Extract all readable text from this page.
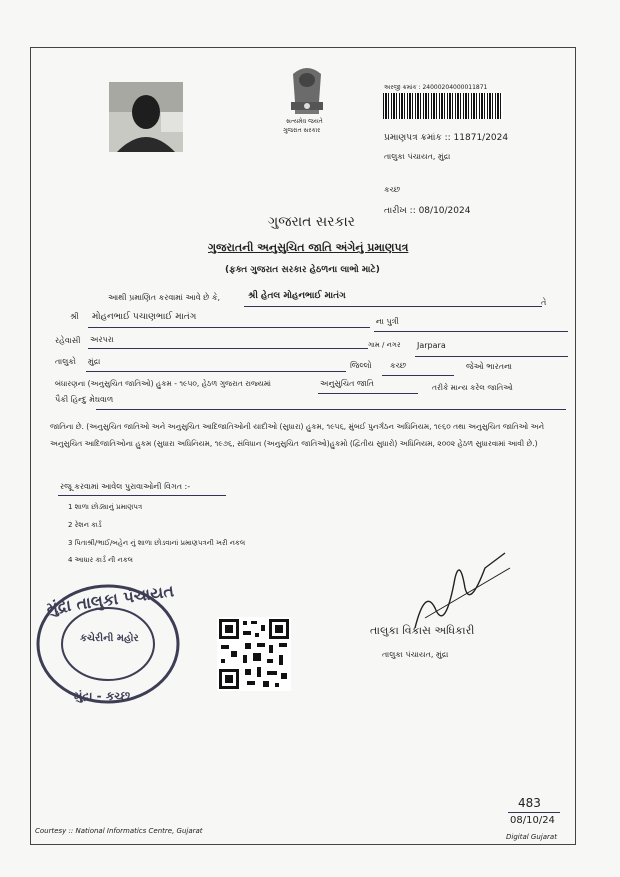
સત્યમેવ જયતે
ગુજરાત સરકાર
અરજી ક્રમાંક : 24000204000011871
પ્રમાણપત્ર ક્રમાંક :: 11871/2024
તાલુકા પંચાયત, મુંદ્રા
કચ્છ
તારીખ :: 08/10/2024
ગુજરાત સરકાર
ગુજરાતની અનુસુચિત જાતિ અંગેનું પ્રમાણપત્ર
(ફક્ત ગુજરાત સરકાર હેઠળના લાભો માટે)
આથી પ્રમાણિત કરવામાં આવે છે કે,	શ્રી હેતલ મોહનભાઈ માતંગ
તે
શ્રી મોહનભાઈ પચાણભાઈ માતંગ	ના પુત્રી
રહેવાસી અરપરા
ગામ / નગર Jarpara
તાલુકો મુંદ્રા	જિલ્લો કચ્છ	જેઓ ભારતના
બંધારણના (અનુસુચિત જાતિઓ) હુકમ - ૧૯૫૦, હેઠળ ગુજરાત રાજ્યમાં	અનુસુચિત જાતિ	તરીકે માન્ય કરેલ જાતિઓ
પૈકી હિન્દુ મેઘવાળ
જાતિના છે. (અનુસુચિત જાતિઓ અને અનુસુચિત આદિજાતિઓની યાદીઓ (સુધારા) હુકમ, ૧૯૫૬, મુંબઈ પુનર્ગઠન અધિનિયમ, ૧૯૬૦ તથા અનુસુચિત જાતિઓ અને અનુસુચિત આદિજાતિઓના હુકમ (સુધારા અધિનિયમ, ૧૯૭૬, સંવિધાન (અનુસુચિત જાતિઓ)હુકમો (દ્વિતીય સુધારો) અધિનિયમ, ૨૦૦૨ હેઠળ સુધારવામાં આવી છે.)
રજૂ કરવામાં આવેલ પુરાવાઓની વિગત :-
1 શાળા છોડ્યાનું પ્રમાણપત્ર
2 રેશન કાર્ડ
3 પિતાશ્રી/ભાઈ/બહેન નું શાળા છોડવાનાં પ્રમાણપત્રની ખરી નકલ
4 આધાર કાર્ડ ની નકલ
મુંદ્રા તાલુકા પંચાયત
કચેરીની મહોર
મુંદ્રા - કચ્છ
તાલુકા વિકાસ અધિકારી
તાલુકા પંચાયત, મુંદ્રા
483
08/10/24
Courtesy :: National Informatics Centre, Gujarat
Digital Gujarat
